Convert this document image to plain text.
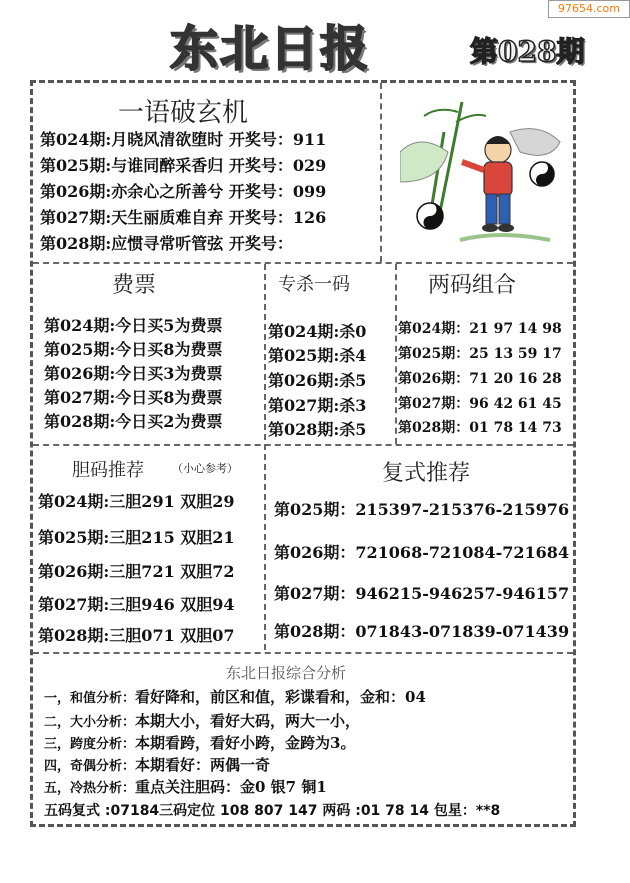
97654.com
东北日报	第028期
一语破玄机
第024期:月晓风清欲堕时 开奖号：911
第025期:与谁同醉采香归 开奖号：029
第026期:亦余心之所善兮 开奖号：099
第027期:天生丽质难自弃 开奖号：126
第028期:应惯寻常听管弦 开奖号：
费票
第024期:今日买5为费票
第025期:今日买8为费票
第026期:今日买3为费票
第027期:今日买8为费票
第028期:今日买2为费票
专杀一码
第024期:杀0
第025期:杀4
第026期:杀5
第027期:杀3
第028期:杀5
两码组合
第024期：21 97 14 98
第025期：25 13 59 17
第026期：71 20 16 28
第027期：96 42 61 45
第028期：01 78 14 73
胆码推荐	（小心参考）
第024期:三胆291 双胆29
第025期:三胆215 双胆21
第026期:三胆721 双胆72
第027期:三胆946 双胆94
第028期:三胆071 双胆07
复式推荐
第025期：215397-215376-215976
第026期：721068-721084-721684
第027期：946215-946257-946157
第028期：071843-071839-071439
东北日报综合分析
一，和值分析：看好降和，前区和值，彩谍看和，金和：04
二，大小分析：本期大小，看好大码，两大一小，
三，跨度分析：本期看跨，看好小跨，金跨为3。
四，奇偶分析：本期看好：两偶一奇
五，冷热分析：重点关注胆码：金0 银7 铜1
五码复式 :07184三码定位 108 807 147 两码 :01 78 14 包星：**8
